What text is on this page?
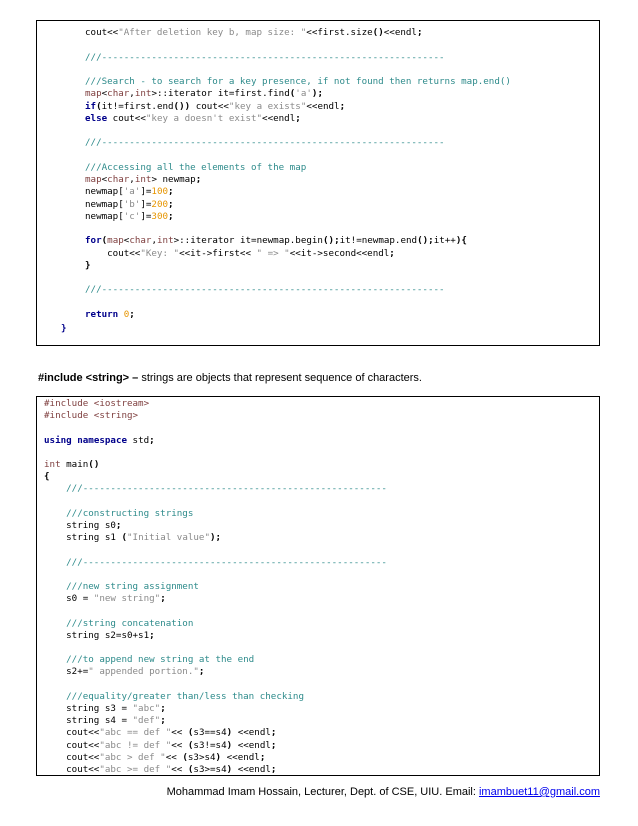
cout<<"After deletion key b, map size: "<<first.size()<<endl;
///--------------------------------------------------------------
///Search - to search for a key presence, if not found then returns map.end()
map<char,int>::iterator it=first.find('a');
if(it!=first.end()) cout<<"key a exists"<<endl;
else cout<<"key a doesn't exist"<<endl;
///--------------------------------------------------------------
///Accessing all the elements of the map
map<char,int> newmap;
newmap['a']=100;
newmap['b']=200;
newmap['c']=300;
for(map<char,int>::iterator it=newmap.begin();it!=newmap.end();it++){
cout<<"Key: "<<it->first<< " => "<<it->second<<endl;
}
///--------------------------------------------------------------
return 0;
}
#include <string> – strings are objects that represent sequence of characters.
#include <iostream>
#include <string>
using namespace std;
int main()
{
///-------------------------------------------------------
///constructing strings
string s0;
string s1 ("Initial value");
///-------------------------------------------------------
///new string assignment
s0 = "new string";
///string concatenation
string s2=s0+s1;
///to append new string at the end
s2+=" appended portion.";
///equality/greater than/less than checking
string s3 = "abc";
string s4 = "def";
cout<<"abc == def "<< (s3==s4) <<endl;
cout<<"abc != def "<< (s3!=s4) <<endl;
cout<<"abc > def "<< (s3>s4) <<endl;
cout<<"abc >= def "<< (s3>=s4) <<endl;
Mohammad Imam Hossain, Lecturer, Dept. of CSE, UIU. Email: imambuet11@gmail.com
